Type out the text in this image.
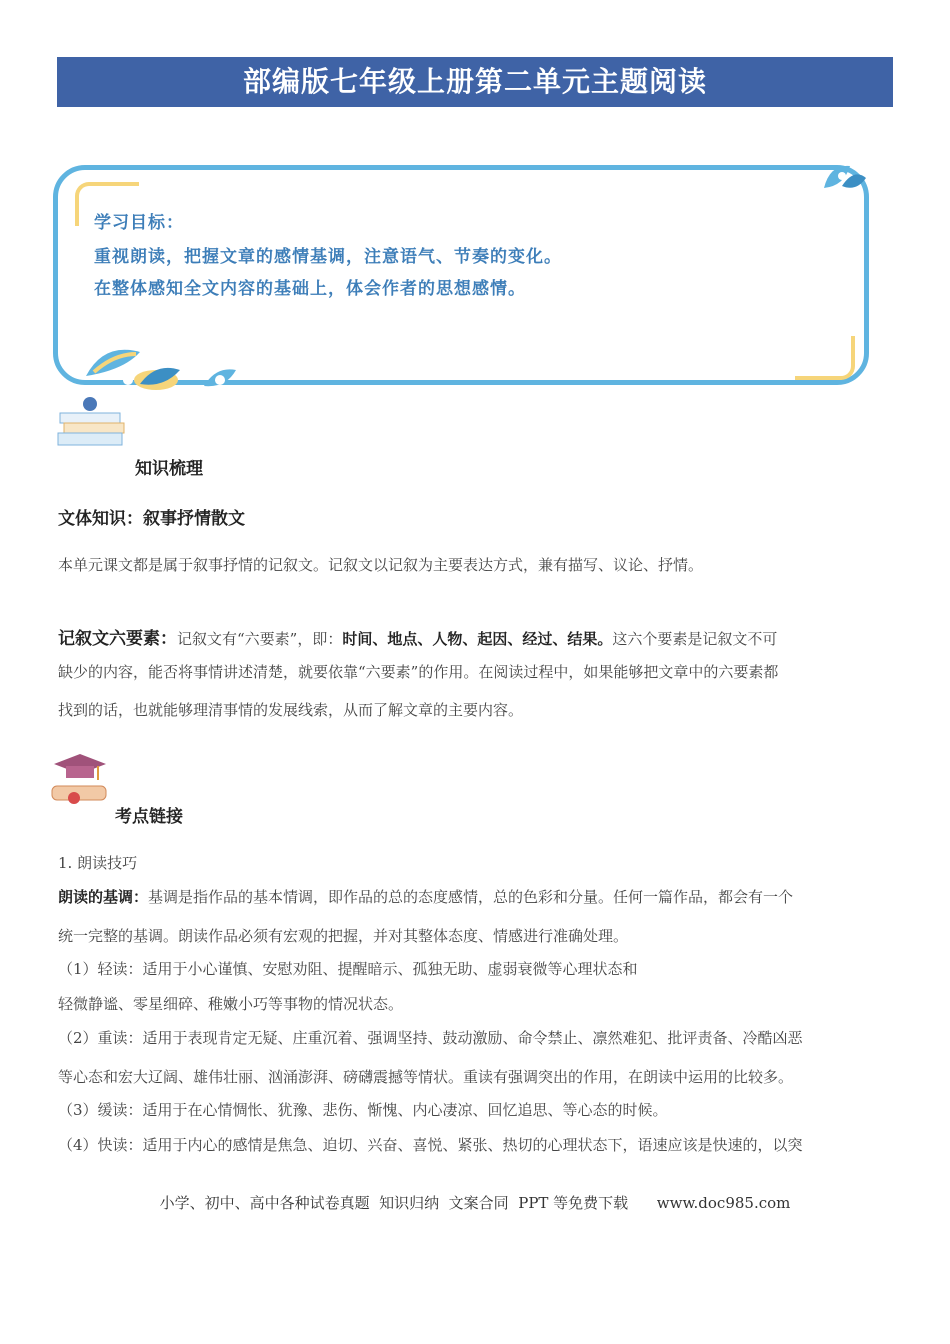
部编版七年级上册第二单元主题阅读
学习目标：
重视朗读，把握文章的感情基调，注意语气、节奏的变化。
在整体感知全文内容的基础上，体会作者的思想感情。
知识梳理
文体知识：叙事抒情散文
本单元课文都是属于叙事抒情的记叙文。记叙文以记叙为主要表达方式，兼有描写、议论、抒情。
记叙文六要素：记叙文有“六要素”，即：时间、地点、人物、起因、经过、结果。这六个要素是记叙文不可
缺少的内容，能否将事情讲述清楚，就要依靠“六要素”的作用。在阅读过程中，如果能够把文章中的六要素都
找到的话，也就能够理清事情的发展线索，从而了解文章的主要内容。
考点链接
1. 朗读技巧
朗读的基调：基调是指作品的基本情调，即作品的总的态度感情，总的色彩和分量。任何一篇作品，都会有一个
统一完整的基调。朗读作品必须有宏观的把握，并对其整体态度、情感进行准确处理。
（1）轻读：适用于小心谨慎、安慰劝阻、提醒暗示、孤独无助、虚弱衰微等心理状态和
轻微静谧、零星细碎、稚嫩小巧等事物的情况状态。
（2）重读：适用于表现肯定无疑、庄重沉着、强调坚持、鼓动激励、命令禁止、凛然难犯、批评责备、冷酷凶恶
等心态和宏大辽阔、雄伟壮丽、汹涌澎湃、磅礴震撼等情状。重读有强调突出的作用，在朗读中运用的比较多。
（3）缓读：适用于在心情惆怅、犹豫、悲伤、惭愧、内心凄凉、回忆追思、等心态的时候。
（4）快读：适用于内心的感情是焦急、迫切、兴奋、喜悦、紧张、热切的心理状态下，语速应该是快速的，以突
小学、初中、高中各种试卷真题  知识归纳  文案合同  PPT 等免费下载      www.doc985.com
